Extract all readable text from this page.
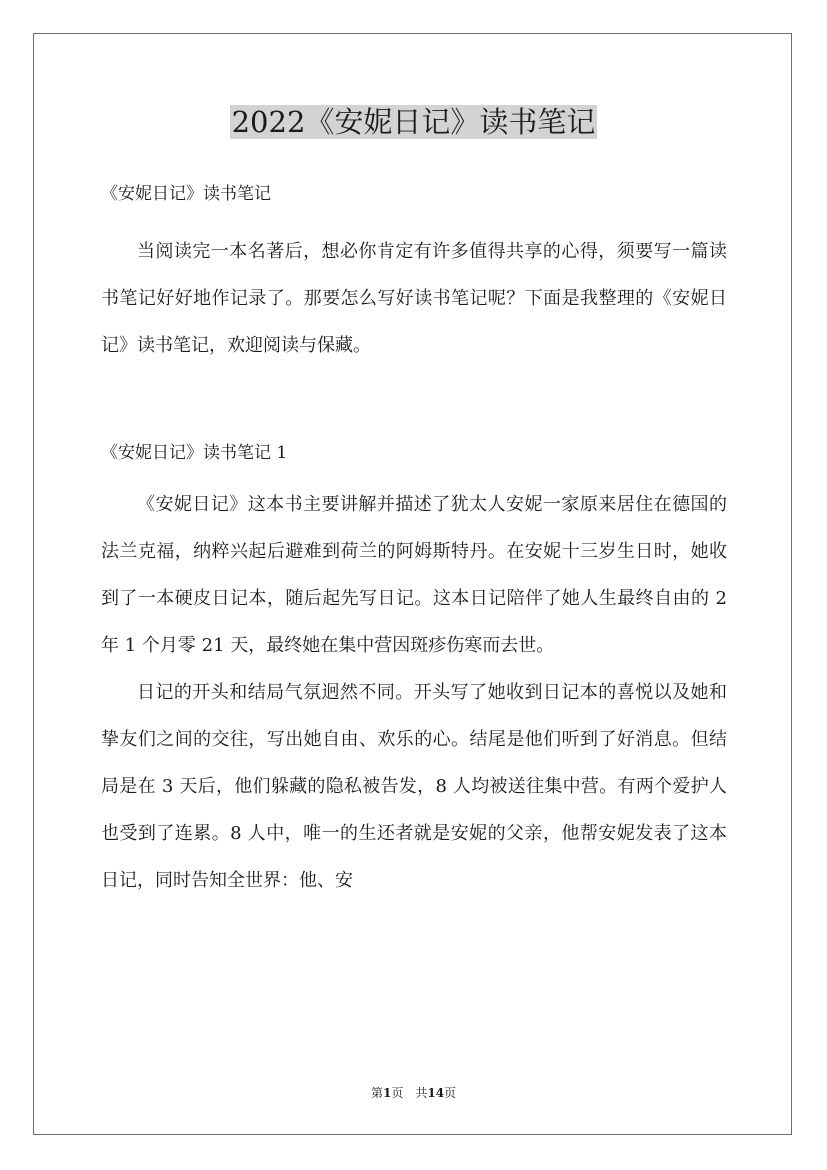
2022《安妮日记》读书笔记

《安妮日记》读书笔记

当阅读完一本名著后，想必你肯定有许多值得共享的心得，须要写一篇读书笔记好好地作记录了。那要怎么写好读书笔记呢？下面是我整理的《安妮日记》读书笔记，欢迎阅读与保藏。

《安妮日记》读书笔记 1

《安妮日记》这本书主要讲解并描述了犹太人安妮一家原来居住在德国的法兰克福，纳粹兴起后避难到荷兰的阿姆斯特丹。在安妮十三岁生日时，她收到了一本硬皮日记本，随后起先写日记。这本日记陪伴了她人生最终自由的 2 年 1 个月零 21 天，最终她在集中营因斑疹伤寒而去世。

日记的开头和结局气氛迥然不同。开头写了她收到日记本的喜悦以及她和挚友们之间的交往，写出她自由、欢乐的心。结尾是他们听到了好消息。但结局是在 3 天后，他们躲藏的隐私被告发，8 人均被送往集中营。有两个爱护人也受到了连累。8 人中，唯一的生还者就是安妮的父亲，他帮安妮发表了这本日记，同时告知全世界：他、安

第1页 共14页
